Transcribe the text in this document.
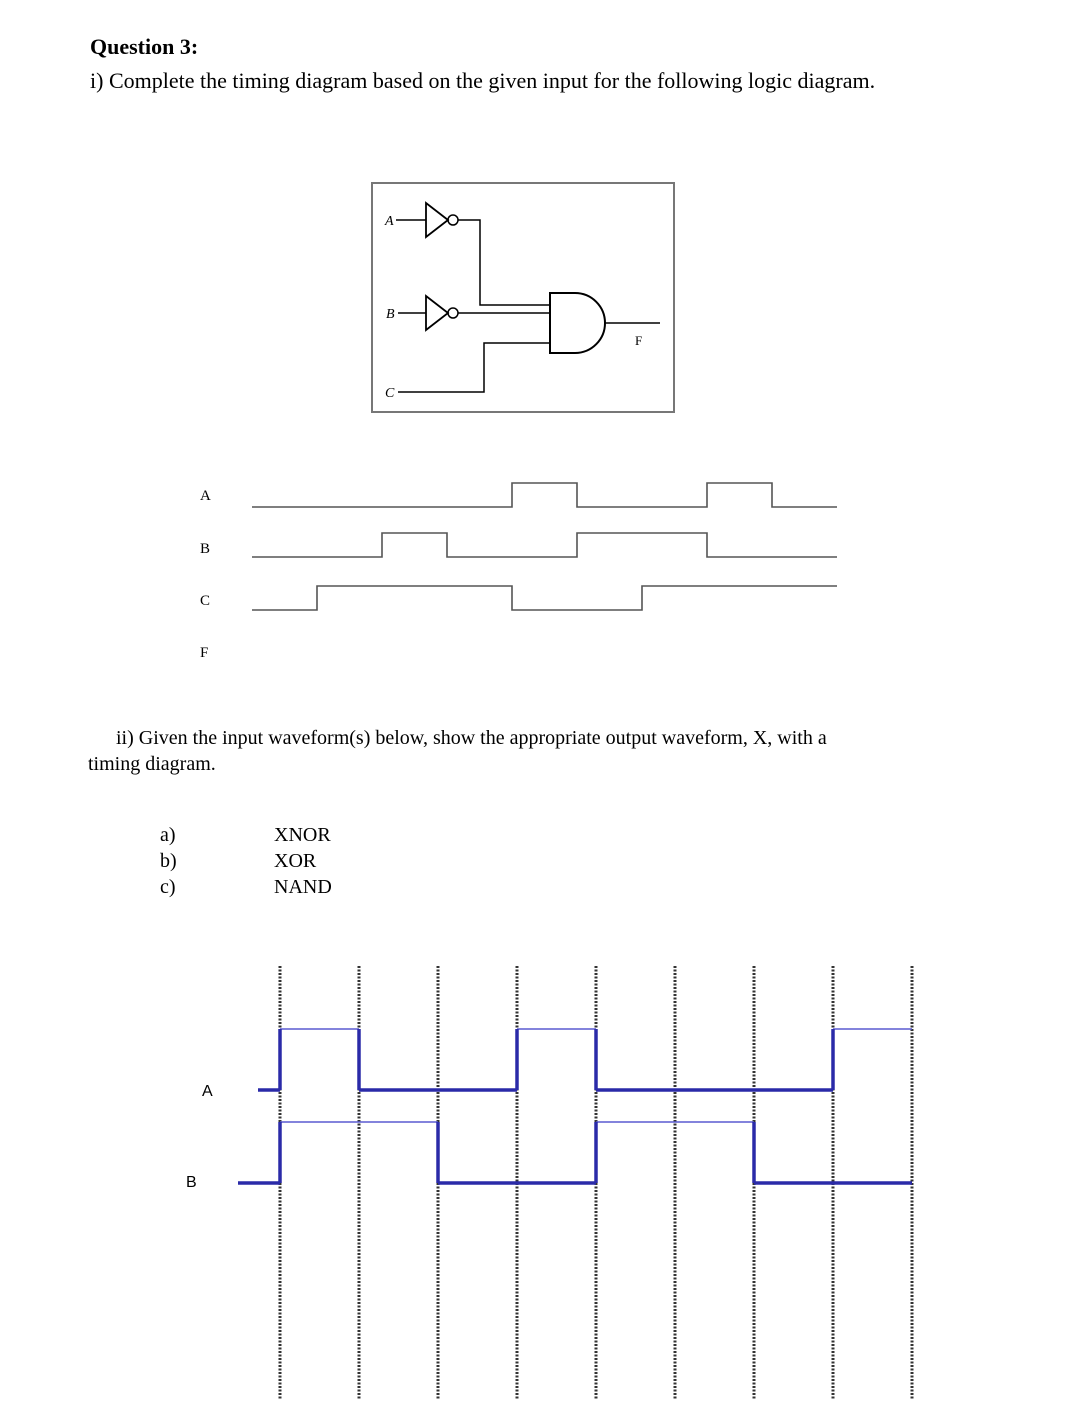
Question 3:
i) Complete the timing diagram based on the given input for the following logic diagram.
A
B
C
F
A
B
C
F
ii) Given the input waveform(s) below, show the appropriate output waveform, X, with a
timing diagram.
a)
b)
c)
XNOR
XOR
NAND
A
B
